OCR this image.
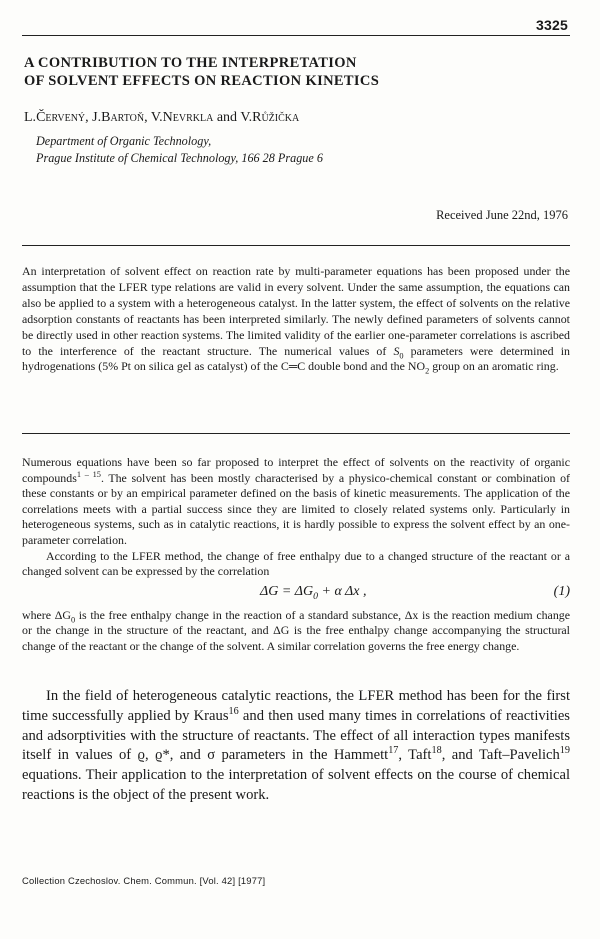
3325
A CONTRIBUTION TO THE INTERPRETATION
OF SOLVENT EFFECTS ON REACTION KINETICS
L.Červený, J.Bartoň, V.Nevrkla and V.Růžička
Department of Organic Technology,
Prague Institute of Chemical Technology, 166 28 Prague 6
Received June 22nd, 1976
An interpretation of solvent effect on reaction rate by multi-parameter equations has been proposed under the assumption that the LFER type relations are valid in every solvent. Under the same assumption, the equations can also be applied to a system with a heterogeneous catalyst. In the latter system, the effect of solvents on the relative adsorption constants of reactants has been interpreted similarly. The newly defined parameters of solvents cannot be directly used in other reaction systems. The limited validity of the earlier one-parameter correlations is ascribed to the interference of the reactant structure. The numerical values of $S_0$ parameters were determined in hydrogenations (5% Pt on silica gel as catalyst) of the C═C double bond and the $NO_2$ group on an aromatic ring.

Numerous equations have been so far proposed to interpret the effect of solvents on the reactivity of organic compounds$^{1 - 15}$. The solvent has been mostly characterised by a physico-chemical constant or combination of these constants or by an empirical parameter defined on the basis of kinetic measurements. The application of the correlations meets with a partial success since they are limited to closely related systems only. Particularly in heterogeneous systems, such as in catalytic reactions, it is hardly possible to express the solvent effect by an one-parameter correlation.

According to the LFER method, the change of free enthalpy due to a changed structure of the reactant or a changed solvent can be expressed by the correlation

$\Delta G = \Delta G_0 + \alpha$ Δx ,	(1)

where $\Delta G_0$ is the free enthalpy change in the reaction of a standard substance, Δx is the reaction medium change or the change in the structure of the reactant, and ΔG is the free enthalpy change accompanying the structural change of the reactant or the change of the solvent. A similar correlation governs the free energy change.

In the field of heterogeneous catalytic reactions, the LFER method has been for the first time successfully applied by Kraus$^{16}$ and then used many times in correlations of reactivities and adsorptivities with the structure of reactants. The effect of all interaction types manifests itself in values of ϱ, ϱ*, and σ parameters in the Hammett$^{17}$, Taft$^{18}$, and Taft–Pavelich$^{19}$ equations. Their application to the interpretation of solvent effects on the course of chemical reactions is the object of the present work.

Collection Czechoslov. Chem. Commun. [Vol. 42] [1977]
